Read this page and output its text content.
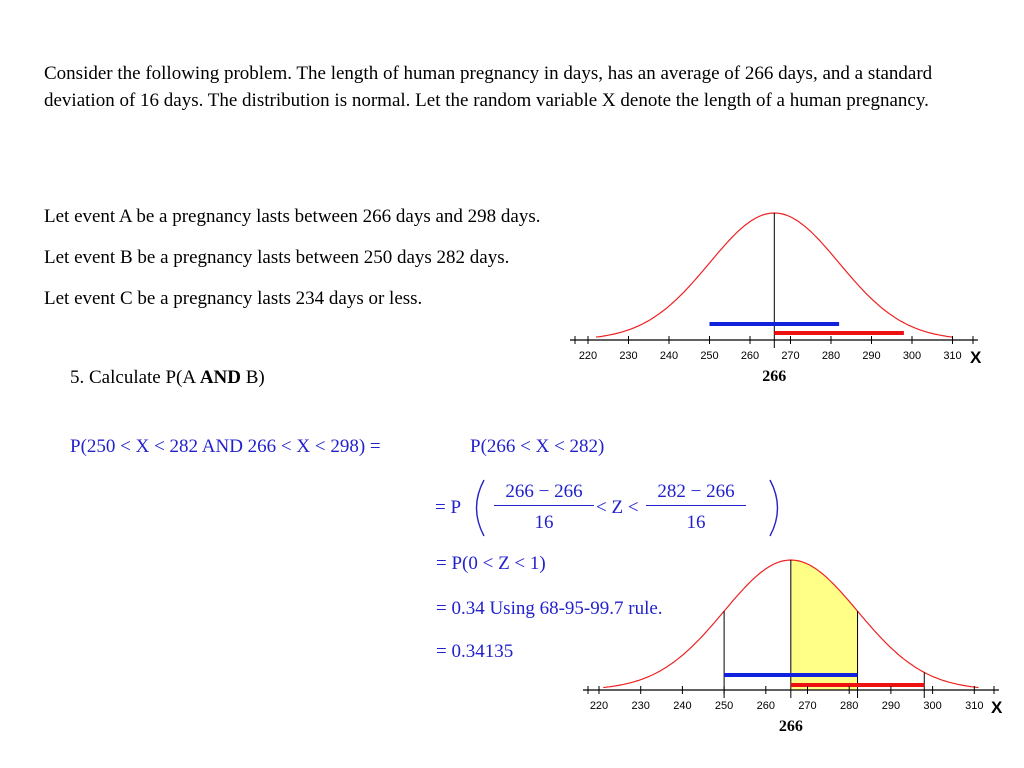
Consider the following problem. The length of human pregnancy in days, has an average of 266 days, and a standard deviation of 16 days. The distribution is normal. Let the random variable X denote the length of a human pregnancy.
Let event A be a pregnancy lasts between 266 days and 298 days.
Let event B be a pregnancy lasts between 250 days 282 days.
Let event C be a pregnancy lasts 234 days or less.
5. Calculate P(A AND B)
P(250 < X < 282 AND 266 < X < 298) =	P(266 < X < 282)
= P $\frac{266 - 266}{16} < Z < \frac{282 - 266}{16}$
= P(0 < Z < 1)
= 0.34 Using 68-95-99.7 rule.
= 0.34135
220 230 240 250 260 270 280 290 300 310 X
266
220 230 240 250 260 270 280 290 300 310 X
266
